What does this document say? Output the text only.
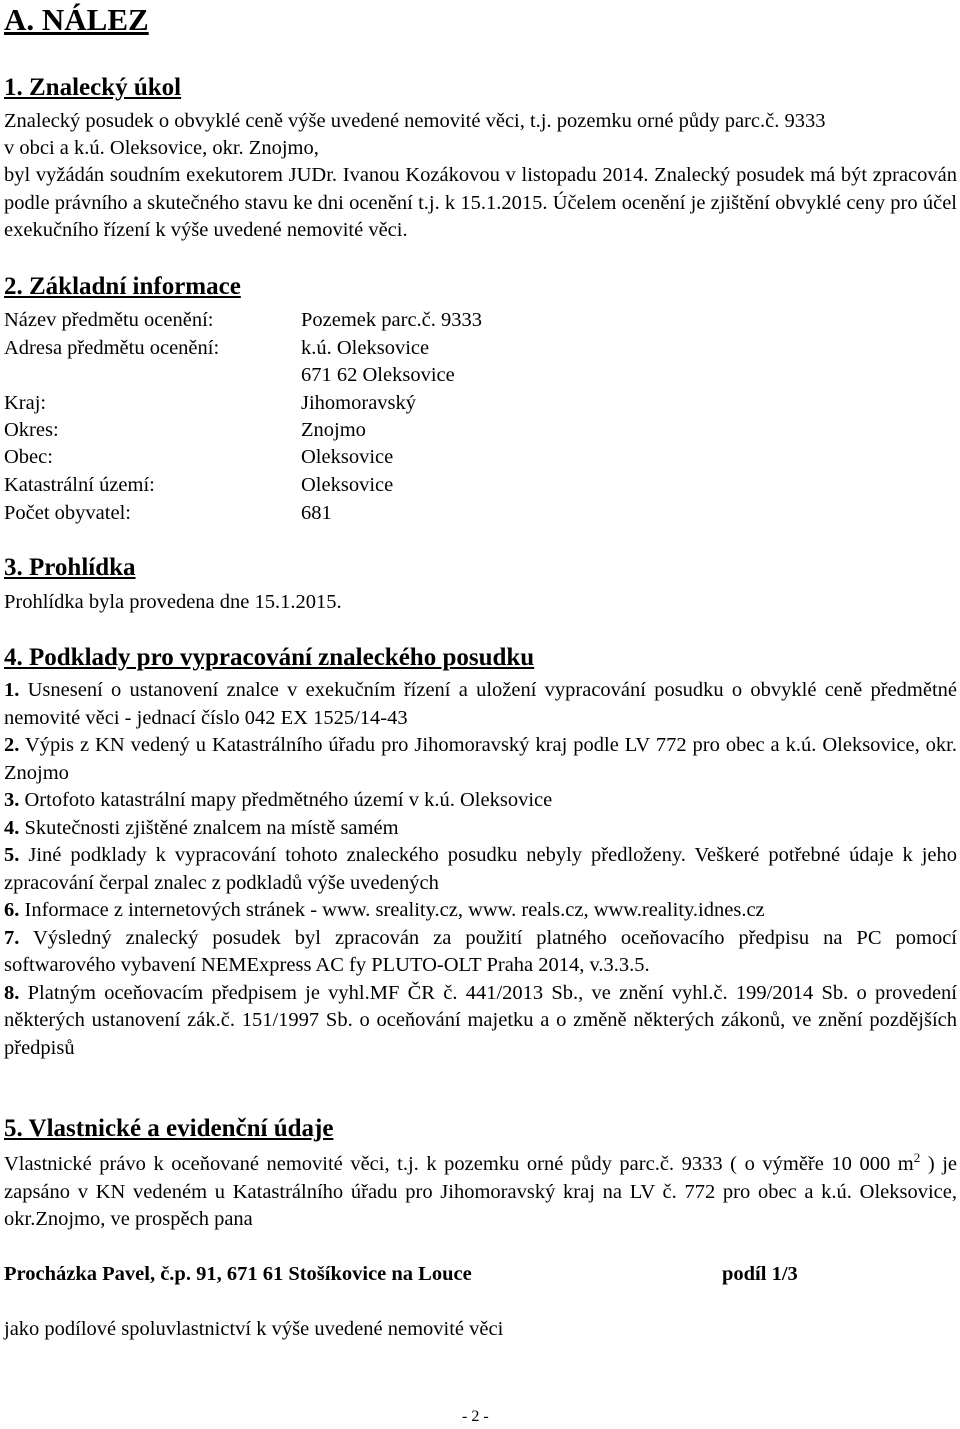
A. NÁLEZ
1. Znalecký úkol
Znalecký posudek o obvyklé ceně výše uvedené nemovité věci, t.j. pozemku orné půdy parc.č. 9333
v obci a k.ú. Oleksovice, okr. Znojmo,

byl vyžádán soudním exekutorem JUDr. Ivanou Kozákovou v listopadu 2014. Znalecký posudek má být zpracován podle právního a skutečného stavu ke dni ocenění t.j. k 15.1.2015. Účelem ocenění je zjištění obvyklé ceny pro účel exekučního řízení k výše uvedené nemovité věci.

2. Základní informace
Název předmětu ocenění:	Pozemek parc.č. 9333
Adresa předmětu ocenění:	k.ú. Oleksovice
671 62 Oleksovice
Kraj:	Jihomoravský
Okres:	Znojmo
Obec:	Oleksovice
Katastrální území:	Oleksovice
Počet obyvatel:	681
3. Prohlídka
Prohlídka byla provedena dne 15.1.2015.
4. Podklady pro vypracování znaleckého posudku

1. Usnesení o ustanovení znalce v exekučním řízení a uložení vypracování posudku o obvyklé ceně předmětné nemovité věci - jednací číslo 042 EX 1525/14-43

2. Výpis z KN vedený u Katastrálního úřadu pro Jihomoravský kraj podle LV 772 pro obec a k.ú. Oleksovice, okr. Znojmo

3. Ortofoto katastrální mapy předmětného území v k.ú. Oleksovice

4. Skutečnosti zjištěné znalcem na místě samém

5. Jiné podklady k vypracování tohoto znaleckého posudku nebyly předloženy. Veškeré potřebné údaje k jeho zpracování čerpal znalec z podkladů výše uvedených

6. Informace z internetových stránek - www. sreality.cz, www. reals.cz, www.reality.idnes.cz

7. Výsledný znalecký posudek byl zpracován za použití platného oceňovacího předpisu na PC pomocí softwarového vybavení NEMExpress AC fy PLUTO-OLT Praha 2014, v.3.3.5.

8. Platným oceňovacím předpisem je vyhl.MF ČR č. 441/2013 Sb., ve znění vyhl.č. 199/2014 Sb. o provedení některých ustanovení zák.č. 151/1997 Sb. o oceňování majetku a o změně některých zákonů, ve znění pozdějších předpisů

5. Vlastnické a evidenční údaje

Vlastnické právo k oceňované nemovité věci, t.j. k pozemku orné půdy parc.č. 9333 ( o výměře 10 000 $m^2$ ) je zapsáno v KN vedeném u Katastrálního úřadu pro Jihomoravský kraj na LV č. 772 pro obec a k.ú. Oleksovice, okr.Znojmo, ve prospěch pana

Procházka Pavel, č.p. 91, 671 61 Stošíkovice na Louce	podíl 1/3
jako podílové spoluvlastnictví k výše uvedené nemovité věci
- 2 -
